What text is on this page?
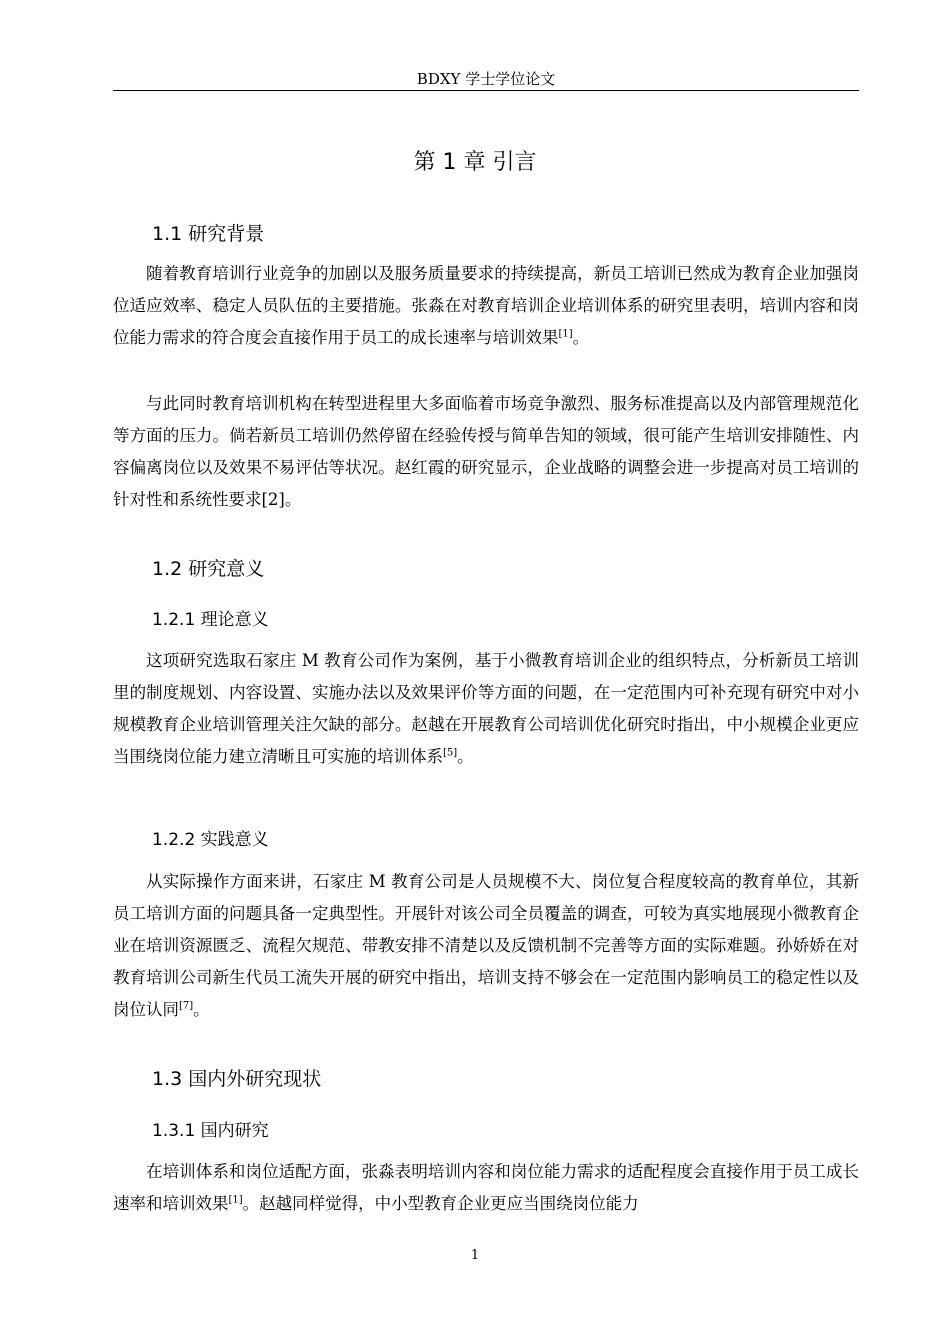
BDXY 学士学位论文
第 1 章 引言
1.1 研究背景

随着教育培训行业竞争的加剧以及服务质量要求的持续提高，新员工培训已然成为教育企业加强岗位适应效率、稳定人员队伍的主要措施。张淼在对教育培训企业培训体系的研究里表明，培训内容和岗位能力需求的符合度会直接作用于员工的成长速率与培训效果[1]。

与此同时教育培训机构在转型进程里大多面临着市场竞争激烈、服务标准提高以及内部管理规范化等方面的压力。倘若新员工培训仍然停留在经验传授与简单告知的领域，很可能产生培训安排随性、内容偏离岗位以及效果不易评估等状况。赵红霞的研究显示，企业战略的调整会进一步提高对员工培训的针对性和系统性要求[2]。

1.2 研究意义
1.2.1 理论意义

这项研究选取石家庄 M 教育公司作为案例，基于小微教育培训企业的组织特点，分析新员工培训里的制度规划、内容设置、实施办法以及效果评价等方面的问题，在一定范围内可补充现有研究中对小规模教育企业培训管理关注欠缺的部分。赵越在开展教育公司培训优化研究时指出，中小规模企业更应当围绕岗位能力建立清晰且可实施的培训体系[5]。

1.2.2 实践意义

从实际操作方面来讲，石家庄 M 教育公司是人员规模不大、岗位复合程度较高的教育单位，其新员工培训方面的问题具备一定典型性。开展针对该公司全员覆盖的调查，可较为真实地展现小微教育企业在培训资源匮乏、流程欠规范、带教安排不清楚以及反馈机制不完善等方面的实际难题。孙娇娇在对教育培训公司新生代员工流失开展的研究中指出，培训支持不够会在一定范围内影响员工的稳定性以及岗位认同[7]。

1.3 国内外研究现状
1.3.1 国内研究

在培训体系和岗位适配方面，张淼表明培训内容和岗位能力需求的适配程度会直接作用于员工成长速率和培训效果[1]。赵越同样觉得，中小型教育企业更应当围绕岗位能力

1
